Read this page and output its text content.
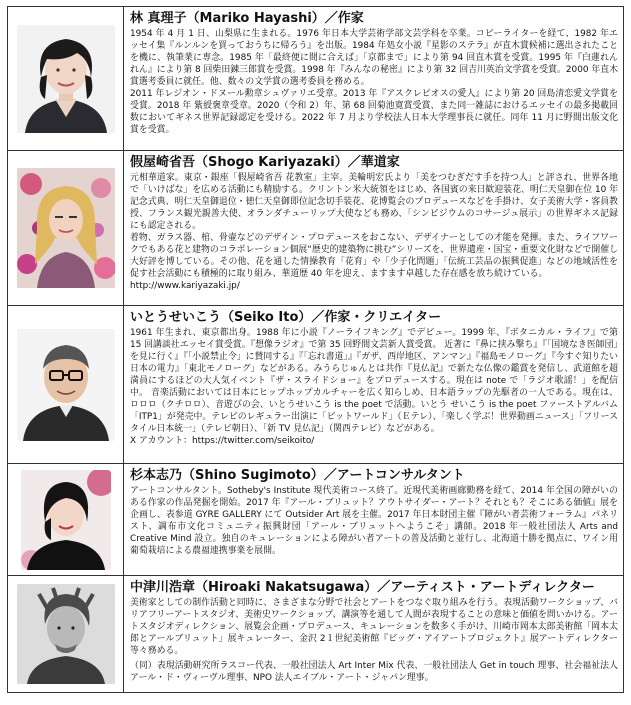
林 真理子（Mariko Hayashi）／作家

1954 年 4 月 1 日、山梨県に生まれる。1976 年日本大学芸術学部文芸学科を卒業。コピーライターを経て、1982 年エッセイ集『ルンルンを買っておうちに帰ろう』を出版。1984 年処女小説『星影のステラ』が直木賞候補に選出されたことを機に、執筆業に専念。1985 年「最終便に間に合えば」「京都まで」により第 94 回直木賞を受賞。1995 年『白蓮れんれん』により第 8 回柴田錬三郎賞を受賞。1998 年『みんなの秘密』により第 32 回吉川英治文学賞を受賞。2000 年直木賞選考委員に就任。他、数々の文学賞の選考委員を務める。

2011 年レジオン・ドヌール勲章シュヴァリエ受章。2013 年『アスクレピオスの愛人』により第 20 回島清恋愛文学賞を受賞。2018 年 紫綬褒章受章。2020（令和 2）年、第 68 回菊池寛賞受賞、また同一雑誌におけるエッセイの最多掲載回数においてギネス世界記録認定を受ける。2022 年 7 月より学校法人日本大学理事長に就任。同年 11 月に野間出版文化賞を受賞。

假屋崎省吾（Shogo Kariyazaki）／華道家

元相華道家。東京・銀座「假屋崎省吾 花教室」主宰。美輪明宏氏より「美をつむぎだす手を持つ人」と評され、世界各地で「いけばな」を広める活動にも精励する。クリントン米大統領をはじめ、各国賓の来日歓迎装花、明仁天皇御在位 10 年記念式典、明仁天皇御退位・徳仁天皇御即位記念切手装花、花博覧会のプロデュースなどを手掛け、女子美術大学・客員教授、フランス観光親善大使、オランダチューリップ大使なども務め、「シンビジウムのコサージュ展示」の世界ギネス記録にも認定される。

着物、ガラス器、棺、骨壷などのデザイン・プロデュースをおこない、デザイナーとしての才能を発揮。また、ライフワークでもある花と建物のコラボレーション個展“歴史的建築物に挑む”シリーズを、世界遺産・国宝・重要文化財などで開催し大好評を博している。その他、花を通した情操教育「花育」や「少子化問題」「伝統工芸品の振興促進」などの地域活性を促す社会活動にも積極的に取り組み、華道歴 40 年を迎え、ますます卓越した存在感を放ち続けている。

http://www.kariyazaki.jp/

いとうせいこう（Seiko Ito）／作家・クリエイター

1961 年生まれ、東京都出身。1988 年に小説『ノーライフキング』でデビュー。1999 年、『ボタニカル・ライフ』で第 15 回講談社エッセイ賞受賞。『想像ラジオ』で第 35 回野間文芸新人賞受賞。 近著に『鼻に挟み撃ち』『「国境なき医師団」を見に行く』『「小説禁止令」に賛同する』『「忘れ書道」』『ガザ、西岸地区、アンマン』『福島モノローグ』『今すぐ知りたい日本の電力』「東北モノローグ」などがある。みうらじゅんとは共作『見仏記』で新たな仏像の鑑賞を発信し、武道館を超満員にするほどの大人気イベント『ザ・スライドショー』をプロデュースする。現在は note で「ラジオ歌謡！」を配信中。 音楽活動においては日本にヒップホップカルチャーを広く知らしめ、日本語ラップの先駆者の一人である。現在は、ロロロ（クチロロ）、音遊びの会、いとうせいこう is the poet で活動。いとう せいこう is the poet ファーストアルバム「ITP1」が発売中。テレビのレギュラー出演に「ビットワールド」（Ｅテレ）、「楽しく学ぶ！世界動画ニュース」「フリースタイル日本統一」（テレビ朝日）、「新 TV 見仏記」（関西テレビ）などがある。

X アカウント：https://twitter.com/seikoito/

杉本志乃（Shino Sugimoto）／アートコンサルタント

アートコンサルタント。Sotheby's Institute 現代美術コース終了。近現代美術画廊勤務を経て、2014 年全国の障がいのある作家の作品発掘を開始。2017 年『アール・ブリュット？アウトサイダー・アート？それとも？そこにある価値』展を企画し、表参道 GYRE GALLERY にて Outsider Art 展を主催。2017 年日本財団主催『障がい者芸術フォーラム』パネリスト、調布市文化コミュニティ振興財団「アール・ブリュットへようこそ」講師。2018 年一般社団法人 Arts and Creative Mind 設立。独自のキュレーションによる障がい者アートの普及活動と並行し、北海道十勝を拠点に、ワイン用葡萄栽培による農福連携事業を展開。

中津川浩章（Hiroaki Nakatsugawa）／アーティスト・アートディレクター

美術家としての制作活動と同時に、さまざまな分野で社会とアートをつなぐ取り組みを行う。表現活動ワークショップ、バリアフリーアートスタジオ、美術史ワークショップ、講演等を通して人間が表現することの意味と価値を問いかける。アートスタジオディレクション、展覧会企画・プロデュース、キュレーションを数多く手がけ、川崎市岡本太郎美術館「岡本太郎とアールブリュット」展キュレーター、金沢 2１世紀美術館『ビッグ・アイアートプロジェクト』展アートディレクター等々務める。

（同）表現活動研究所ラスコー代表、一般社団法人 Art Inter Mix 代表、一般社団法人 Get in touch 理事、社会福祉法人アール・ド・ヴィーヴル理事、NPO 法人エイブル・アート・ジャパン理事。
